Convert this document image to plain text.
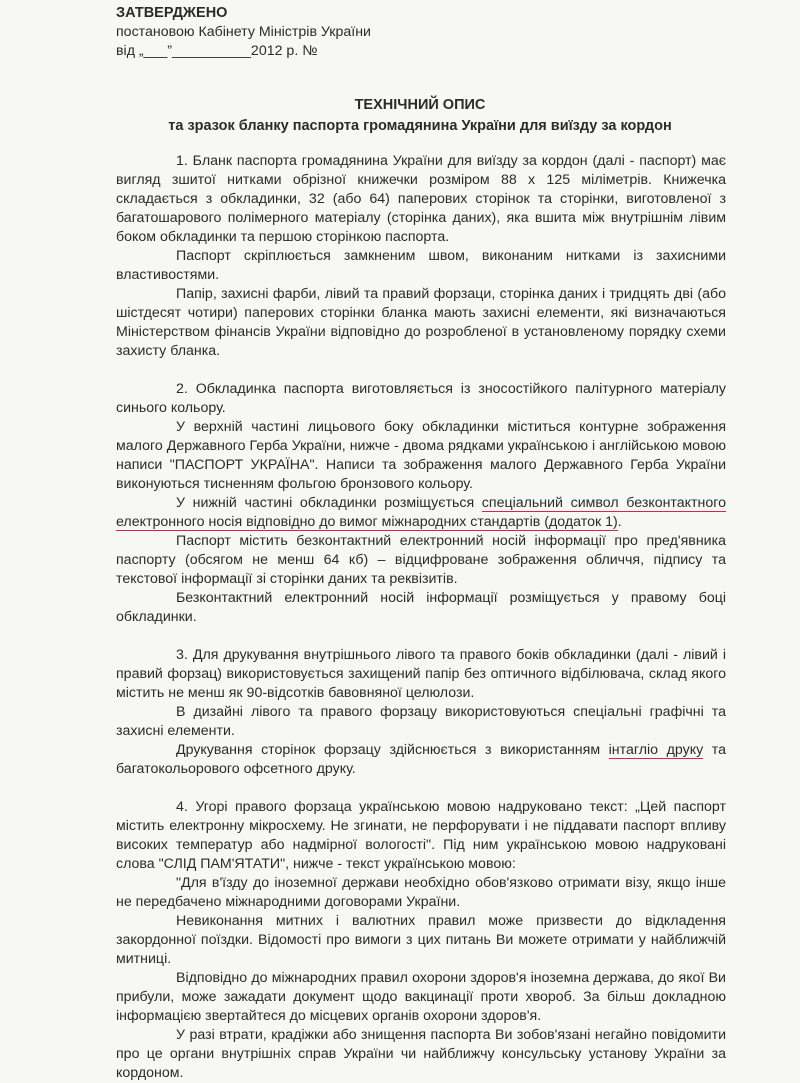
ЗАТВЕРДЖЕНО
постановою Кабінету Міністрів України
від „___”__________2012 р. №
ТЕХНІЧНИЙ ОПИС
та зразок бланку паспорта громадянина України для виїзду за кордон

1. Бланк паспорта громадянина України для виїзду за кордон (далі - паспорт) має вигляд зшитої нитками обрізної книжечки розміром 88 х 125 міліметрів. Книжечка складається з обкладинки, 32 (або 64) паперових сторінок та сторінки, виготовленої з багатошарового полімерного матеріалу (сторінка даних), яка вшита між внутрішнім лівим боком обкладинки та першою сторінкою паспорта.

Паспорт скріплюється замкненим швом, виконаним нитками із захисними властивостями.

Папір, захисні фарби, лівий та правий форзаци, сторінка даних і тридцять дві (або шістдесят чотири) паперових сторінки бланка мають захисні елементи, які визначаються Міністерством фінансів України відповідно до розробленої в установленому порядку схеми захисту бланка.

2. Обкладинка паспорта виготовляється із зносостійкого палітурного матеріалу синього кольору.

У верхній частині лицьового боку обкладинки міститься контурне зображення малого Державного Герба України, нижче - двома рядками українською і англійською мовою написи "ПАСПОРТ УКРАЇНА". Написи та зображення малого Державного Герба України виконуються тисненням фольгою бронзового кольору.

У нижній частині обкладинки розміщується спеціальний символ безконтактного електронного носія відповідно до вимог міжнародних стандартів (додаток 1).

Паспорт містить безконтактний електронний носій інформації про пред'явника паспорту (обсягом не менш 64 кб) – відцифроване зображення обличчя, підпису та текстової інформації зі сторінки даних та реквізитів.

Безконтактний електронний носій інформації розміщується у правому боці обкладинки.

3. Для друкування внутрішнього лівого та правого боків обкладинки (далі - лівий і правий форзац) використовується захищений папір без оптичного відбілювача, склад якого містить не менш як 90-відсотків бавовняної целюлози.

В дизайні лівого та правого форзацу використовуються спеціальні графічні та захисні елементи.

Друкування сторінок форзацу здійснюється з використанням інтагліо друку та багатокольорового офсетного друку.

4. Угорі правого форзаца українською мовою надруковано текст: „Цей паспорт містить електронну мікросхему. Не згинати, не перфорувати і не піддавати паспорт впливу високих температур або надмірної вологості". Під ним українською мовою надруковані слова "СЛІД ПАМ'ЯТАТИ", нижче - текст українською мовою:

"Для в'їзду до іноземної держави необхідно обов'язково отримати візу, якщо інше не передбачено міжнародними договорами України.

Невиконання митних і валютних правил може призвести до відкладення закордонної поїздки. Відомості про вимоги з цих питань Ви можете отримати у найближчій митниці.

Відповідно до міжнародних правил охорони здоров'я іноземна держава, до якої Ви прибули, може зажадати документ щодо вакцинації проти хвороб. За більш докладною інформацією звертайтеся до місцевих органів охорони здоров'я.

У разі втрати, крадіжки або знищення паспорта Ви зобов'язані негайно повідомити про це органи внутрішніх справ України чи найближчу консульську установу України за кордоном.
